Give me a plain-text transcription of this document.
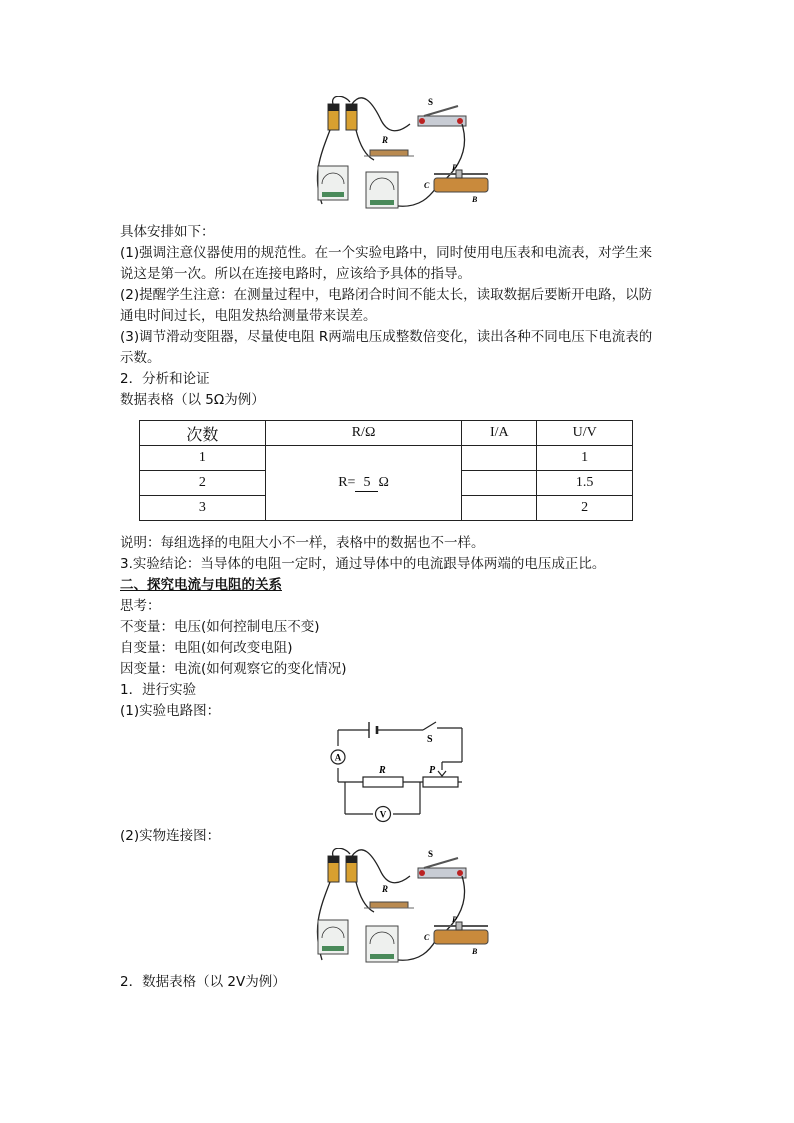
S
R
P
C
B
具体安排如下：
(1)强调注意仪器使用的规范性。在一个实验电路中，同时使用电压表和电流表，对学生来
说这是第一次。所以在连接电路时，应该给予具体的指导。
(2)提醒学生注意：在测量过程中，电路闭合时间不能太长，读取数据后要断开电路，以防
通电时间过长，电阻发热给测量带来误差。
(3)调节滑动变阻器，尽量使电阻 R两端电压成整数倍变化，读出各种不同电压下电流表的
示数。
2．分析和论证
数据表格（以 5Ω为例）
次数	R/Ω	I/A	U/V
1	R= 5 Ω		1
2			1.5
3			2
说明：每组选择的电阻大小不一样，表格中的数据也不一样。
3.实验结论：当导体的电阻一定时，通过导体中的电流跟导体两端的电压成正比。
二、探究电流与电阻的关系
思考：
不变量：电压(如何控制电压不变)
自变量：电阻(如何改变电阻)
因变量：电流(如何观察它的变化情况)
1．进行实验
(1)实验电路图：
S
A
R	P
V
(2)实物连接图：
S
R
P
C
B
2．数据表格（以 2V为例）
